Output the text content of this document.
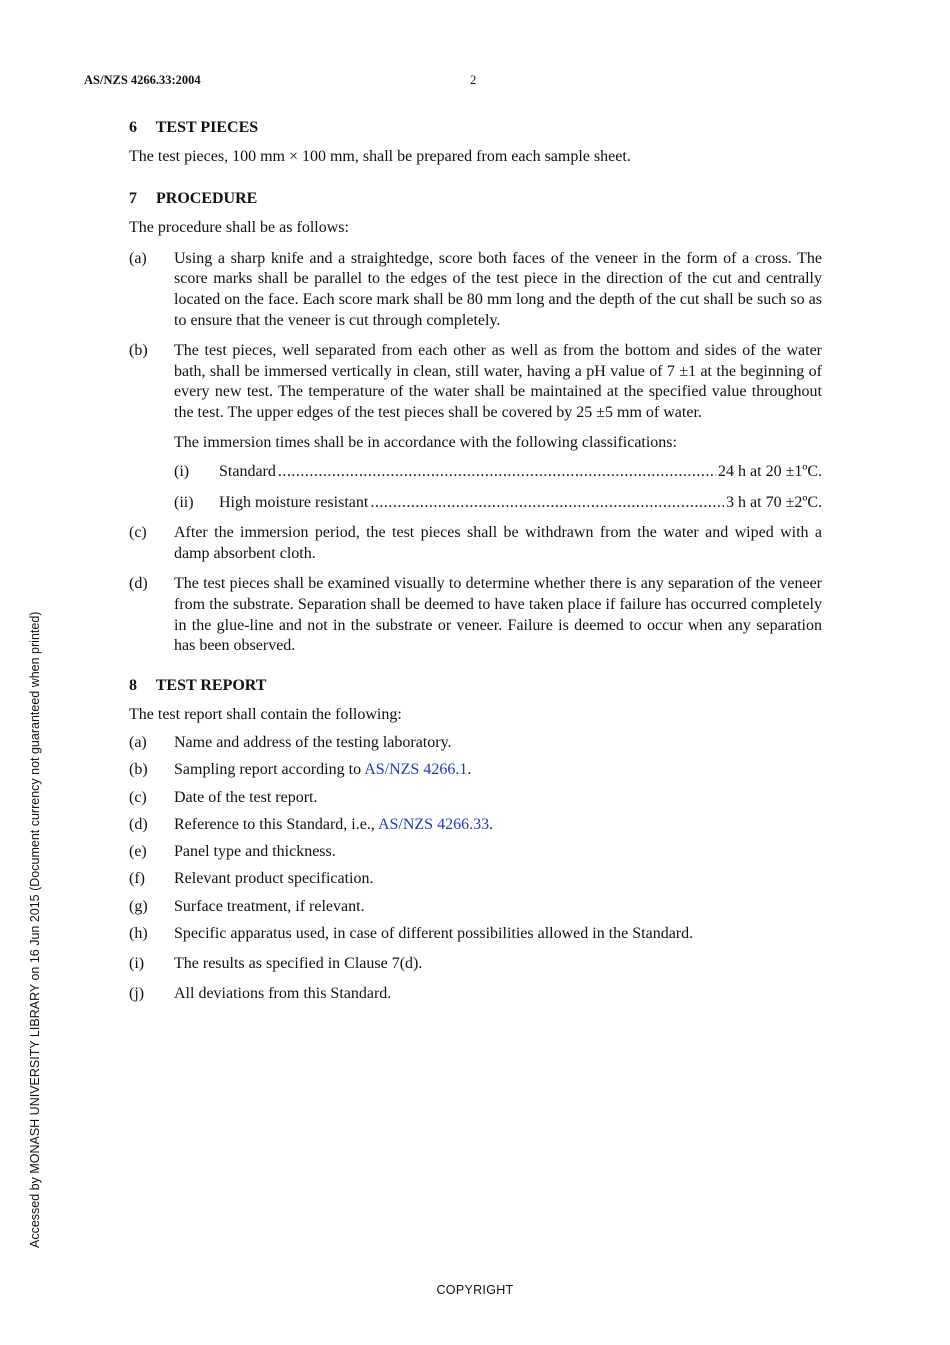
AS/NZS 4266.33:2004	2
Accessed by MONASH UNIVERSITY LIBRARY on 16 Jun 2015 (Document currency not guaranteed when printed)
6 TEST PIECES

The test pieces, 100 mm × 100 mm, shall be prepared from each sample sheet.

7 PROCEDURE

The procedure shall be as follows:

(a) Using a sharp knife and a straightedge, score both faces of the veneer in the form of a cross. The score marks shall be parallel to the edges of the test piece in the direction of the cut and centrally located on the face. Each score mark shall be 80 mm long and the depth of the cut shall be such so as to ensure that the veneer is cut through completely.
(b) The test pieces, well separated from each other as well as from the bottom and sides of the water bath, shall be immersed vertically in clean, still water, having a pH value of 7 ±1 at the beginning of every new test. The temperature of the water shall be maintained at the specified value throughout the test. The upper edges of the test pieces shall be covered by 25 ±5 mm of water.

The immersion times shall be in accordance with the following classifications:

(i) Standard .....	24 h at 20 ±1ºC.
(ii) High moisture resistant .....	3 h at 70 ±2ºC.
(c) After the immersion period, the test pieces shall be withdrawn from the water and wiped with a damp absorbent cloth.
(d) The test pieces shall be examined visually to determine whether there is any separation of the veneer from the substrate. Separation shall be deemed to have taken place if failure has occurred completely in the glue-line and not in the substrate or veneer. Failure is deemed to occur when any separation has been observed.
8 TEST REPORT

The test report shall contain the following:

(a) Name and address of the testing laboratory.
(b) Sampling report according to AS/NZS 4266.1.
(c) Date of the test report.
(d) Reference to this Standard, i.e., AS/NZS 4266.33.
(e) Panel type and thickness.
(f) Relevant product specification.
(g) Surface treatment, if relevant.
(h) Specific apparatus used, in case of different possibilities allowed in the Standard.
(i) The results as specified in Clause 7(d).
(j) All deviations from this Standard.
COPYRIGHT
